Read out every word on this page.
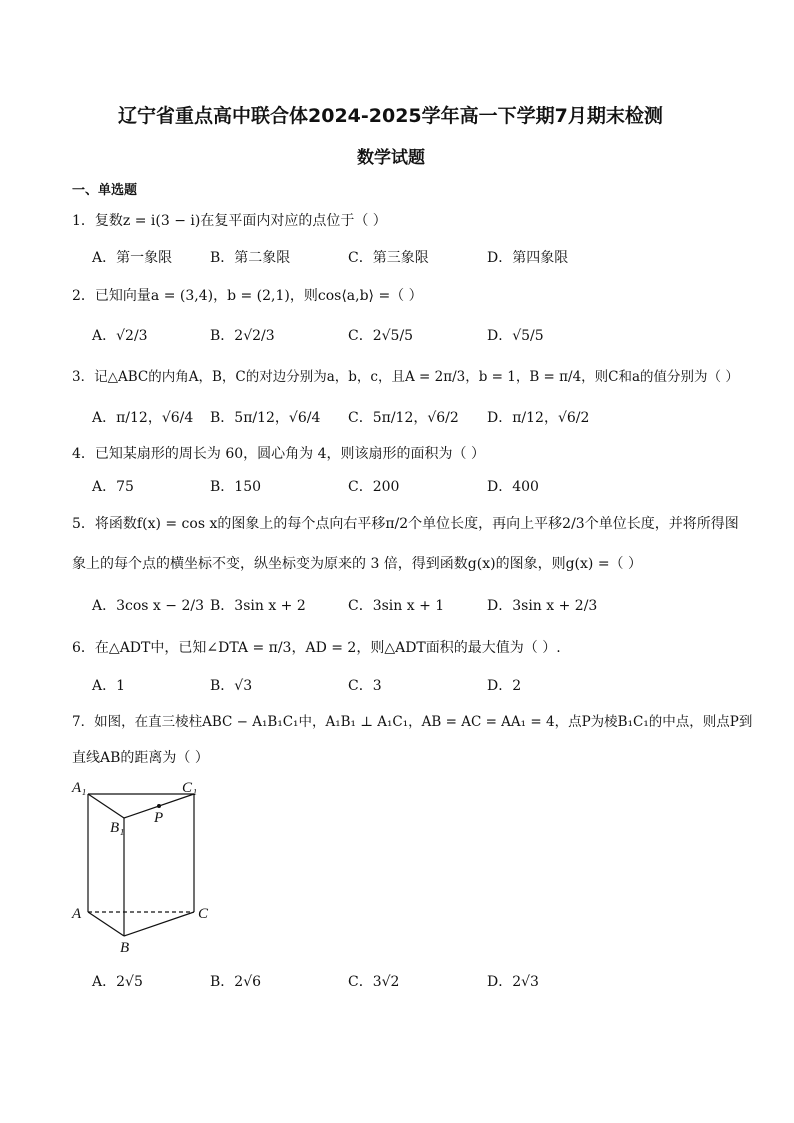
辽宁省重点高中联合体2024-2025学年高一下学期7月期末检测
数学试题
一、单选题
1．复数z = i(3 − i)在复平面内对应的点位于（ ）
A．第一象限	B．第二象限	C．第三象限	D．第四象限
2．已知向量a = (3,4)，b = (2,1)，则cos⟨a,b⟩ =（ ）
A．√2/3	B．2√2/3	C．2√5/5	D．√5/5
3．记△ABC的内角A，B，C的对边分别为a，b，c，且A = 2π/3，b = 1，B = π/4，则C和a的值分别为（ ）
A．π/12，√6/4 B．5π/12，√6/4 C．5π/12，√6/2 D．π/12，√6/2
4．已知某扇形的周长为 60，圆心角为 4，则该扇形的面积为（ ）
A．75	B．150	C．200	D．400
5．将函数f(x) = cos x的图象上的每个点向右平移π/2个单位长度，再向上平移2/3个单位长度，并将所得图
象上的每个点的横坐标不变，纵坐标变为原来的 3 倍，得到函数g(x)的图象，则g(x) =（ ）
A．3cos x − 2/3 B．3sin x + 2	C．3sin x + 1	D．3sin x + 2/3
6．在△ADT中，已知∠DTA = π/3，AD = 2，则△ADT面积的最大值为（ ）.
A．1	B．√3	C．3	D．2
7．如图，在直三棱柱ABC − A₁B₁C₁中，A₁B₁ ⊥ A₁C₁，AB = AC = AA₁ = 4，点P为棱B₁C₁的中点，则点P到
直线AB的距离为（ ）
A₁	C₁
B₁
P
A	C
B
A．2√5	B．2√6	C．3√2	D．2√3
